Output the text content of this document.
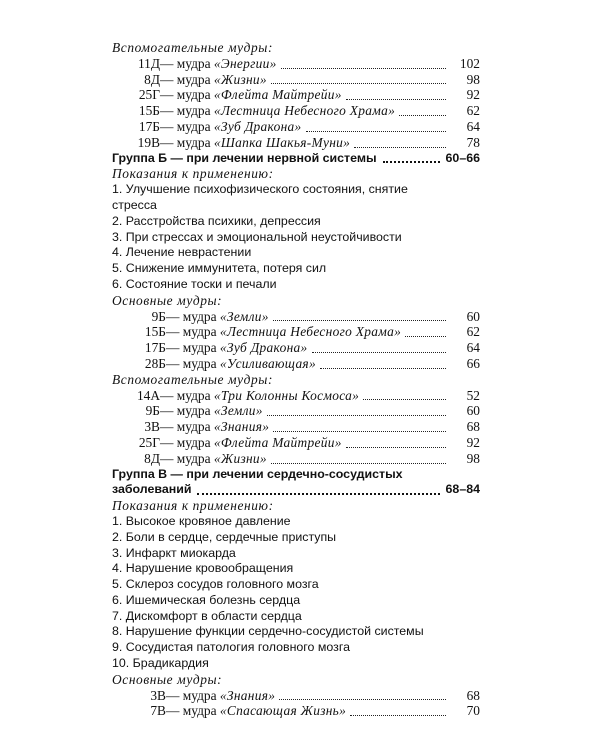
Вспомогательные мудры:
11Д — мудра «Энергии»	102
8Д — мудра «Жизни»	98
25Г — мудра «Флейта Майтрейи»	92
15Б — мудра «Лестница Небесного Храма»	62
17Б — мудра «Зуб Дракона»	64
19В — мудра «Шапка Шакья-Муни»	78
Группа Б — при лечении нервной системы	60–66
Показания к применению:
1. Улучшение психофизического состояния, снятие
стресса
2. Расстройства психики, депрессия
3. При стрессах и эмоциональной неустойчивости
4. Лечение неврастении
5. Снижение иммунитета, потеря сил
6. Состояние тоски и печали
Основные мудры:
9Б — мудра «Земли»	60
15Б — мудра «Лестница Небесного Храма»	62
17Б — мудра «Зуб Дракона»	64
28Б — мудра «Усиливающая»	66
Вспомогательные мудры:
14А — мудра «Три Колонны Космоса»	52
9Б — мудра «Земли»	60
3В — мудра «Знания»	68
25Г — мудра «Флейта Майтрейи»	92
8Д — мудра «Жизни»	98
Группа В — при лечении сердечно-сосудистых
заболеваний	68–84
Показания к применению:
1. Высокое кровяное давление
2. Боли в сердце, сердечные приступы
3. Инфаркт миокарда
4. Нарушение кровообращения
5. Склероз сосудов головного мозга
6. Ишемическая болезнь сердца
7. Дискомфорт в области сердца
8. Нарушение функции сердечно-сосудистой системы
9. Сосудистая патология головного мозга
10. Брадикардия
Основные мудры:
3В — мудра «Знания»	68
7В — мудра «Спасающая Жизнь»	70
